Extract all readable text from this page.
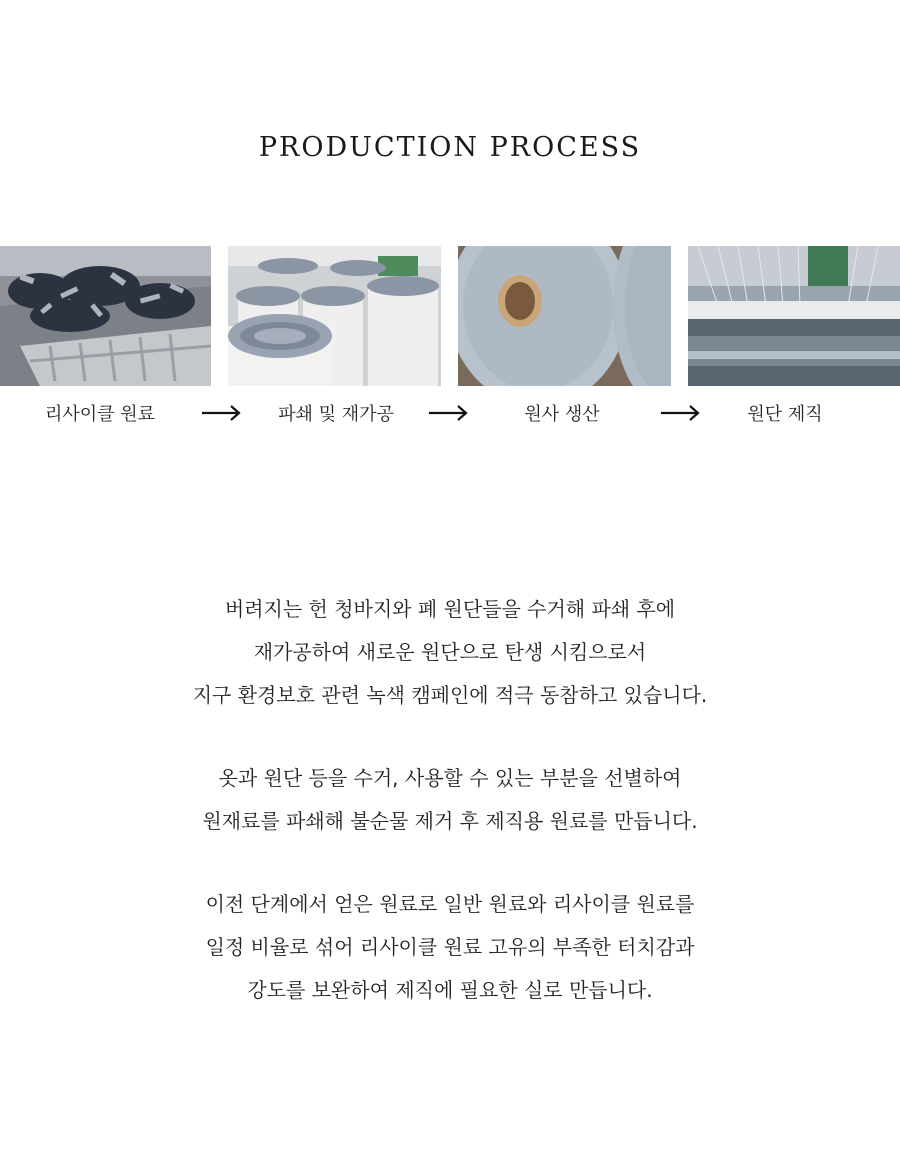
PRODUCTION PROCESS
리사이클 원료	파쇄 및 재가공	원사 생산	원단 제직
버려지는 헌 청바지와 폐 원단들을 수거해 파쇄 후에
재가공하여 새로운 원단으로 탄생 시킴으로서
지구 환경보호 관련 녹색 캠페인에 적극 동참하고 있습니다.
옷과 원단 등을 수거, 사용할 수 있는 부분을 선별하여
원재료를 파쇄해 불순물 제거 후 제직용 원료를 만듭니다.
이전 단계에서 얻은 원료로 일반 원료와 리사이클 원료를
일정 비율로 섞어 리사이클 원료 고유의 부족한 터치감과
강도를 보완하여 제직에 필요한 실로 만듭니다.
